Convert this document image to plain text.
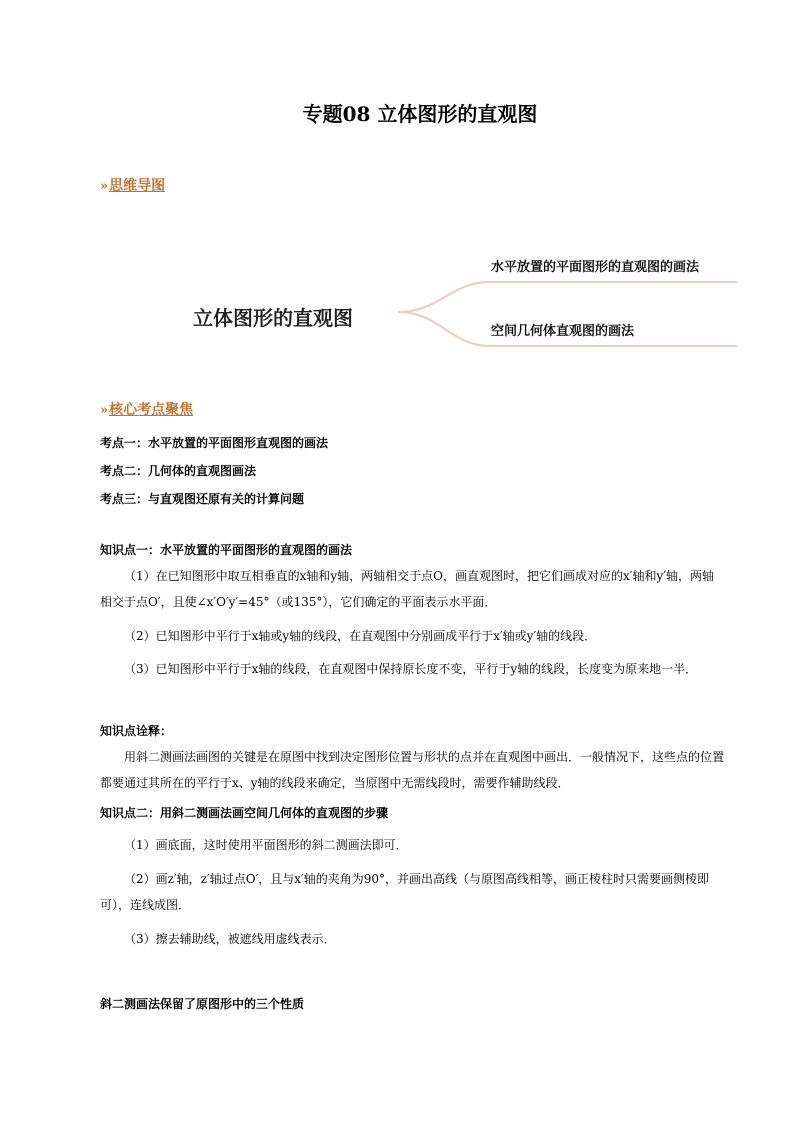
专题08 立体图形的直观图
» 思维导图
立体图形的直观图
水平放置的平面图形的直观图的画法
空间几何体直观图的画法
» 核心考点聚焦
考点一：水平放置的平面图形直观图的画法
考点二：几何体的直观图画法
考点三：与直观图还原有关的计算问题
知识点一：水平放置的平面图形的直观图的画法
（1）在已知图形中取互相垂直的x轴和y轴，两轴相交于点O，画直观图时，把它们画成对应的x′轴和y′轴，两轴相交于点O′，且使∠x′O′y′=45°（或135°），它们确定的平面表示水平面．
（2）已知图形中平行于x轴或y轴的线段，在直观图中分别画成平行于x′轴或y′轴的线段．
（3）已知图形中平行于x轴的线段，在直观图中保持原长度不变，平行于y轴的线段，长度变为原来地一半．
知识点诠释：
用斜二测画法画图的关键是在原图中找到决定图形位置与形状的点并在直观图中画出．一般情况下，这些点的位置都要通过其所在的平行于x、y轴的线段来确定，当原图中无需线段时，需要作辅助线段．
知识点二：用斜二测画法画空间几何体的直观图的步骤
（1）画底面，这时使用平面图形的斜二测画法即可．
（2）画z′轴，z′轴过点O′，且与x′轴的夹角为90°，并画出高线（与原图高线相等，画正棱柱时只需要画侧棱即可），连线成图．
（3）擦去辅助线，被遮线用虚线表示．
斜二测画法保留了原图形中的三个性质
